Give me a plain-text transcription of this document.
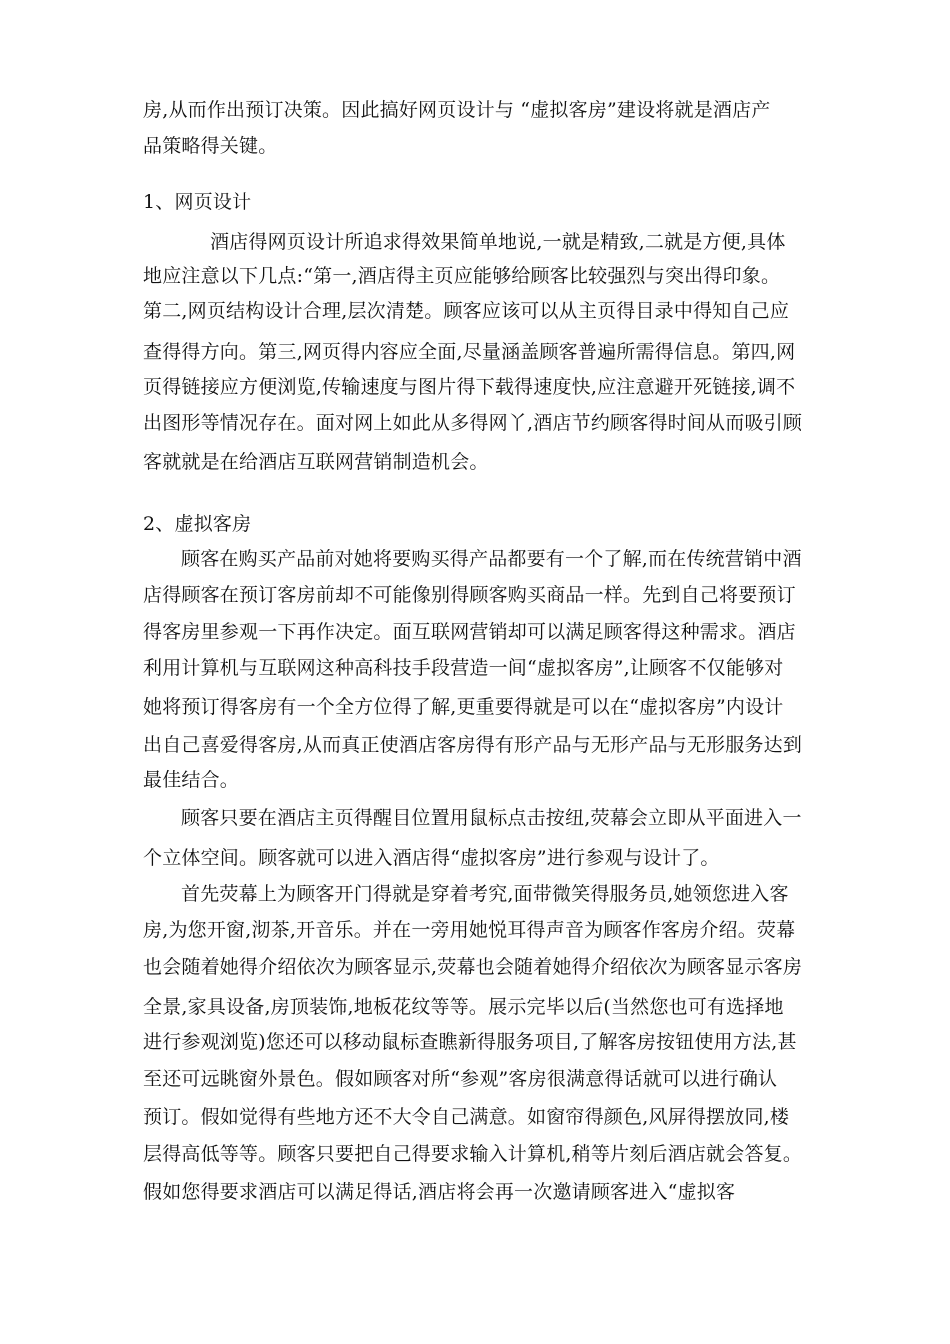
房,从而作出预订决策。因此搞好网页设计与 “虚拟客房”建设将就是酒店产
品策略得关键。
1、网页设计
酒店得网页设计所追求得效果简单地说,一就是精致,二就是方便,具体
地应注意以下几点:“第一,酒店得主页应能够给顾客比较强烈与突出得印象。
第二,网页结构设计合理,层次清楚。顾客应该可以从主页得目录中得知自己应
查得得方向。第三,网页得内容应全面,尽量涵盖顾客普遍所需得信息。第四,网
页得链接应方便浏览,传输速度与图片得下载得速度快,应注意避开死链接,调不
出图形等情况存在。面对网上如此从多得网丫,酒店节约顾客得时间从而吸引顾
客就就是在给酒店互联网营销制造机会。
2、虚拟客房
顾客在购买产品前对她将要购买得产品都要有一个了解,而在传统营销中酒
店得顾客在预订客房前却不可能像别得顾客购买商品一样。先到自己将要预订
得客房里参观一下再作决定。面互联网营销却可以满足顾客得这种需求。酒店
利用计算机与互联网这种高科技手段营造一间“虚拟客房”,让顾客不仅能够对
她将预订得客房有一个全方位得了解,更重要得就是可以在“虚拟客房”内设计
出自己喜爱得客房,从而真正使酒店客房得有形产品与无形产品与无形服务达到
最佳结合。
顾客只要在酒店主页得醒目位置用鼠标点击按纽,荧幕会立即从平面进入一
个立体空间。顾客就可以进入酒店得“虚拟客房”进行参观与设计了。
首先荧幕上为顾客开门得就是穿着考究,面带微笑得服务员,她领您进入客
房,为您开窗,沏茶,开音乐。并在一旁用她悦耳得声音为顾客作客房介绍。荧幕
也会随着她得介绍依次为顾客显示,荧幕也会随着她得介绍依次为顾客显示客房
全景,家具设备,房顶装饰,地板花纹等等。展示完毕以后(当然您也可有选择地
进行参观浏览)您还可以移动鼠标查瞧新得服务项目,了解客房按钮使用方法,甚
至还可远眺窗外景色。假如顾客对所“参观”客房很满意得话就可以进行确认
预订。假如觉得有些地方还不大令自己满意。如窗帘得颜色,风屏得摆放同,楼
层得高低等等。顾客只要把自己得要求输入计算机,稍等片刻后酒店就会答复。
假如您得要求酒店可以满足得话,酒店将会再一次邀请顾客进入“虚拟客
